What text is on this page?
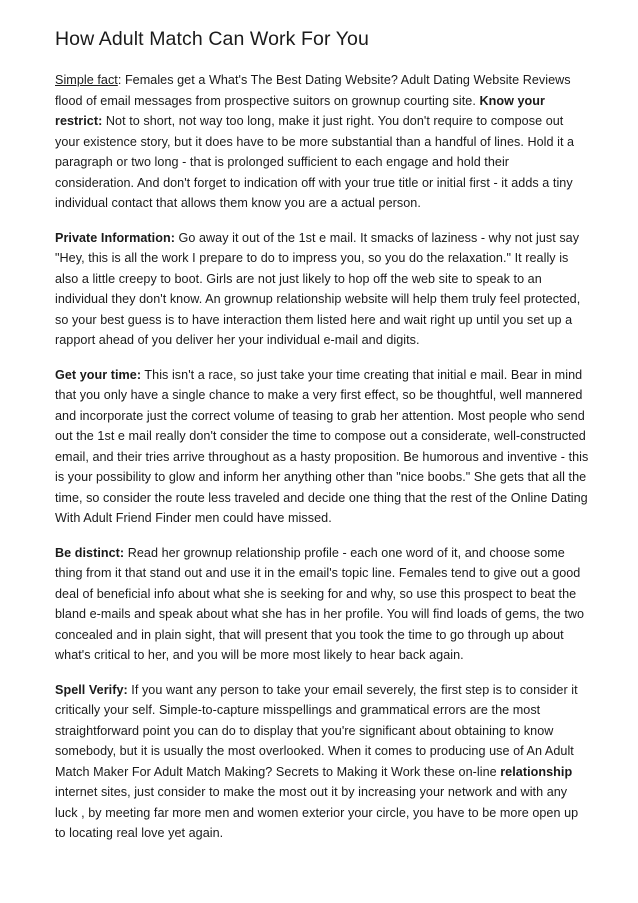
How Adult Match Can Work For You

Simple fact: Females get a What's The Best Dating Website? Adult Dating Website Reviews flood of email messages from prospective suitors on grownup courting site. Know your restrict: Not to short, not way too long, make it just right. You don't require to compose out your existence story, but it does have to be more substantial than a handful of lines. Hold it a paragraph or two long - that is prolonged sufficient to each engage and hold their consideration. And don't forget to indication off with your true title or initial first - it adds a tiny individual contact that allows them know you are a actual person.

Private Information: Go away it out of the 1st e mail. It smacks of laziness - why not just say "Hey, this is all the work I prepare to do to impress you, so you do the relaxation." It really is also a little creepy to boot. Girls are not just likely to hop off the web site to speak to an individual they don't know. An grownup relationship website will help them truly feel protected, so your best guess is to have interaction them listed here and wait right up until you set up a rapport ahead of you deliver her your individual e-mail and digits.

Get your time: This isn't a race, so just take your time creating that initial e mail. Bear in mind that you only have a single chance to make a very first effect, so be thoughtful, well mannered and incorporate just the correct volume of teasing to grab her attention. Most people who send out the 1st e mail really don't consider the time to compose out a considerate, well-constructed email, and their tries arrive throughout as a hasty proposition. Be humorous and inventive - this is your possibility to glow and inform her anything other than "nice boobs." She gets that all the time, so consider the route less traveled and decide one thing that the rest of the Online Dating With Adult Friend Finder men could have missed.

Be distinct: Read her grownup relationship profile - each one word of it, and choose some thing from it that stand out and use it in the email's topic line. Females tend to give out a good deal of beneficial info about what she is seeking for and why, so use this prospect to beat the bland e-mails and speak about what she has in her profile. You will find loads of gems, the two concealed and in plain sight, that will present that you took the time to go through up about what's critical to her, and you will be more most likely to hear back again.

Spell Verify: If you want any person to take your email severely, the first step is to consider it critically your self. Simple-to-capture misspellings and grammatical errors are the most straightforward point you can do to display that you're significant about obtaining to know somebody, but it is usually the most overlooked. When it comes to producing use of An Adult Match Maker For Adult Match Making? Secrets to Making it Work these on-line relationship internet sites, just consider to make the most out it by increasing your network and with any luck , by meeting far more men and women exterior your circle, you have to be more open up to locating real love yet again.
